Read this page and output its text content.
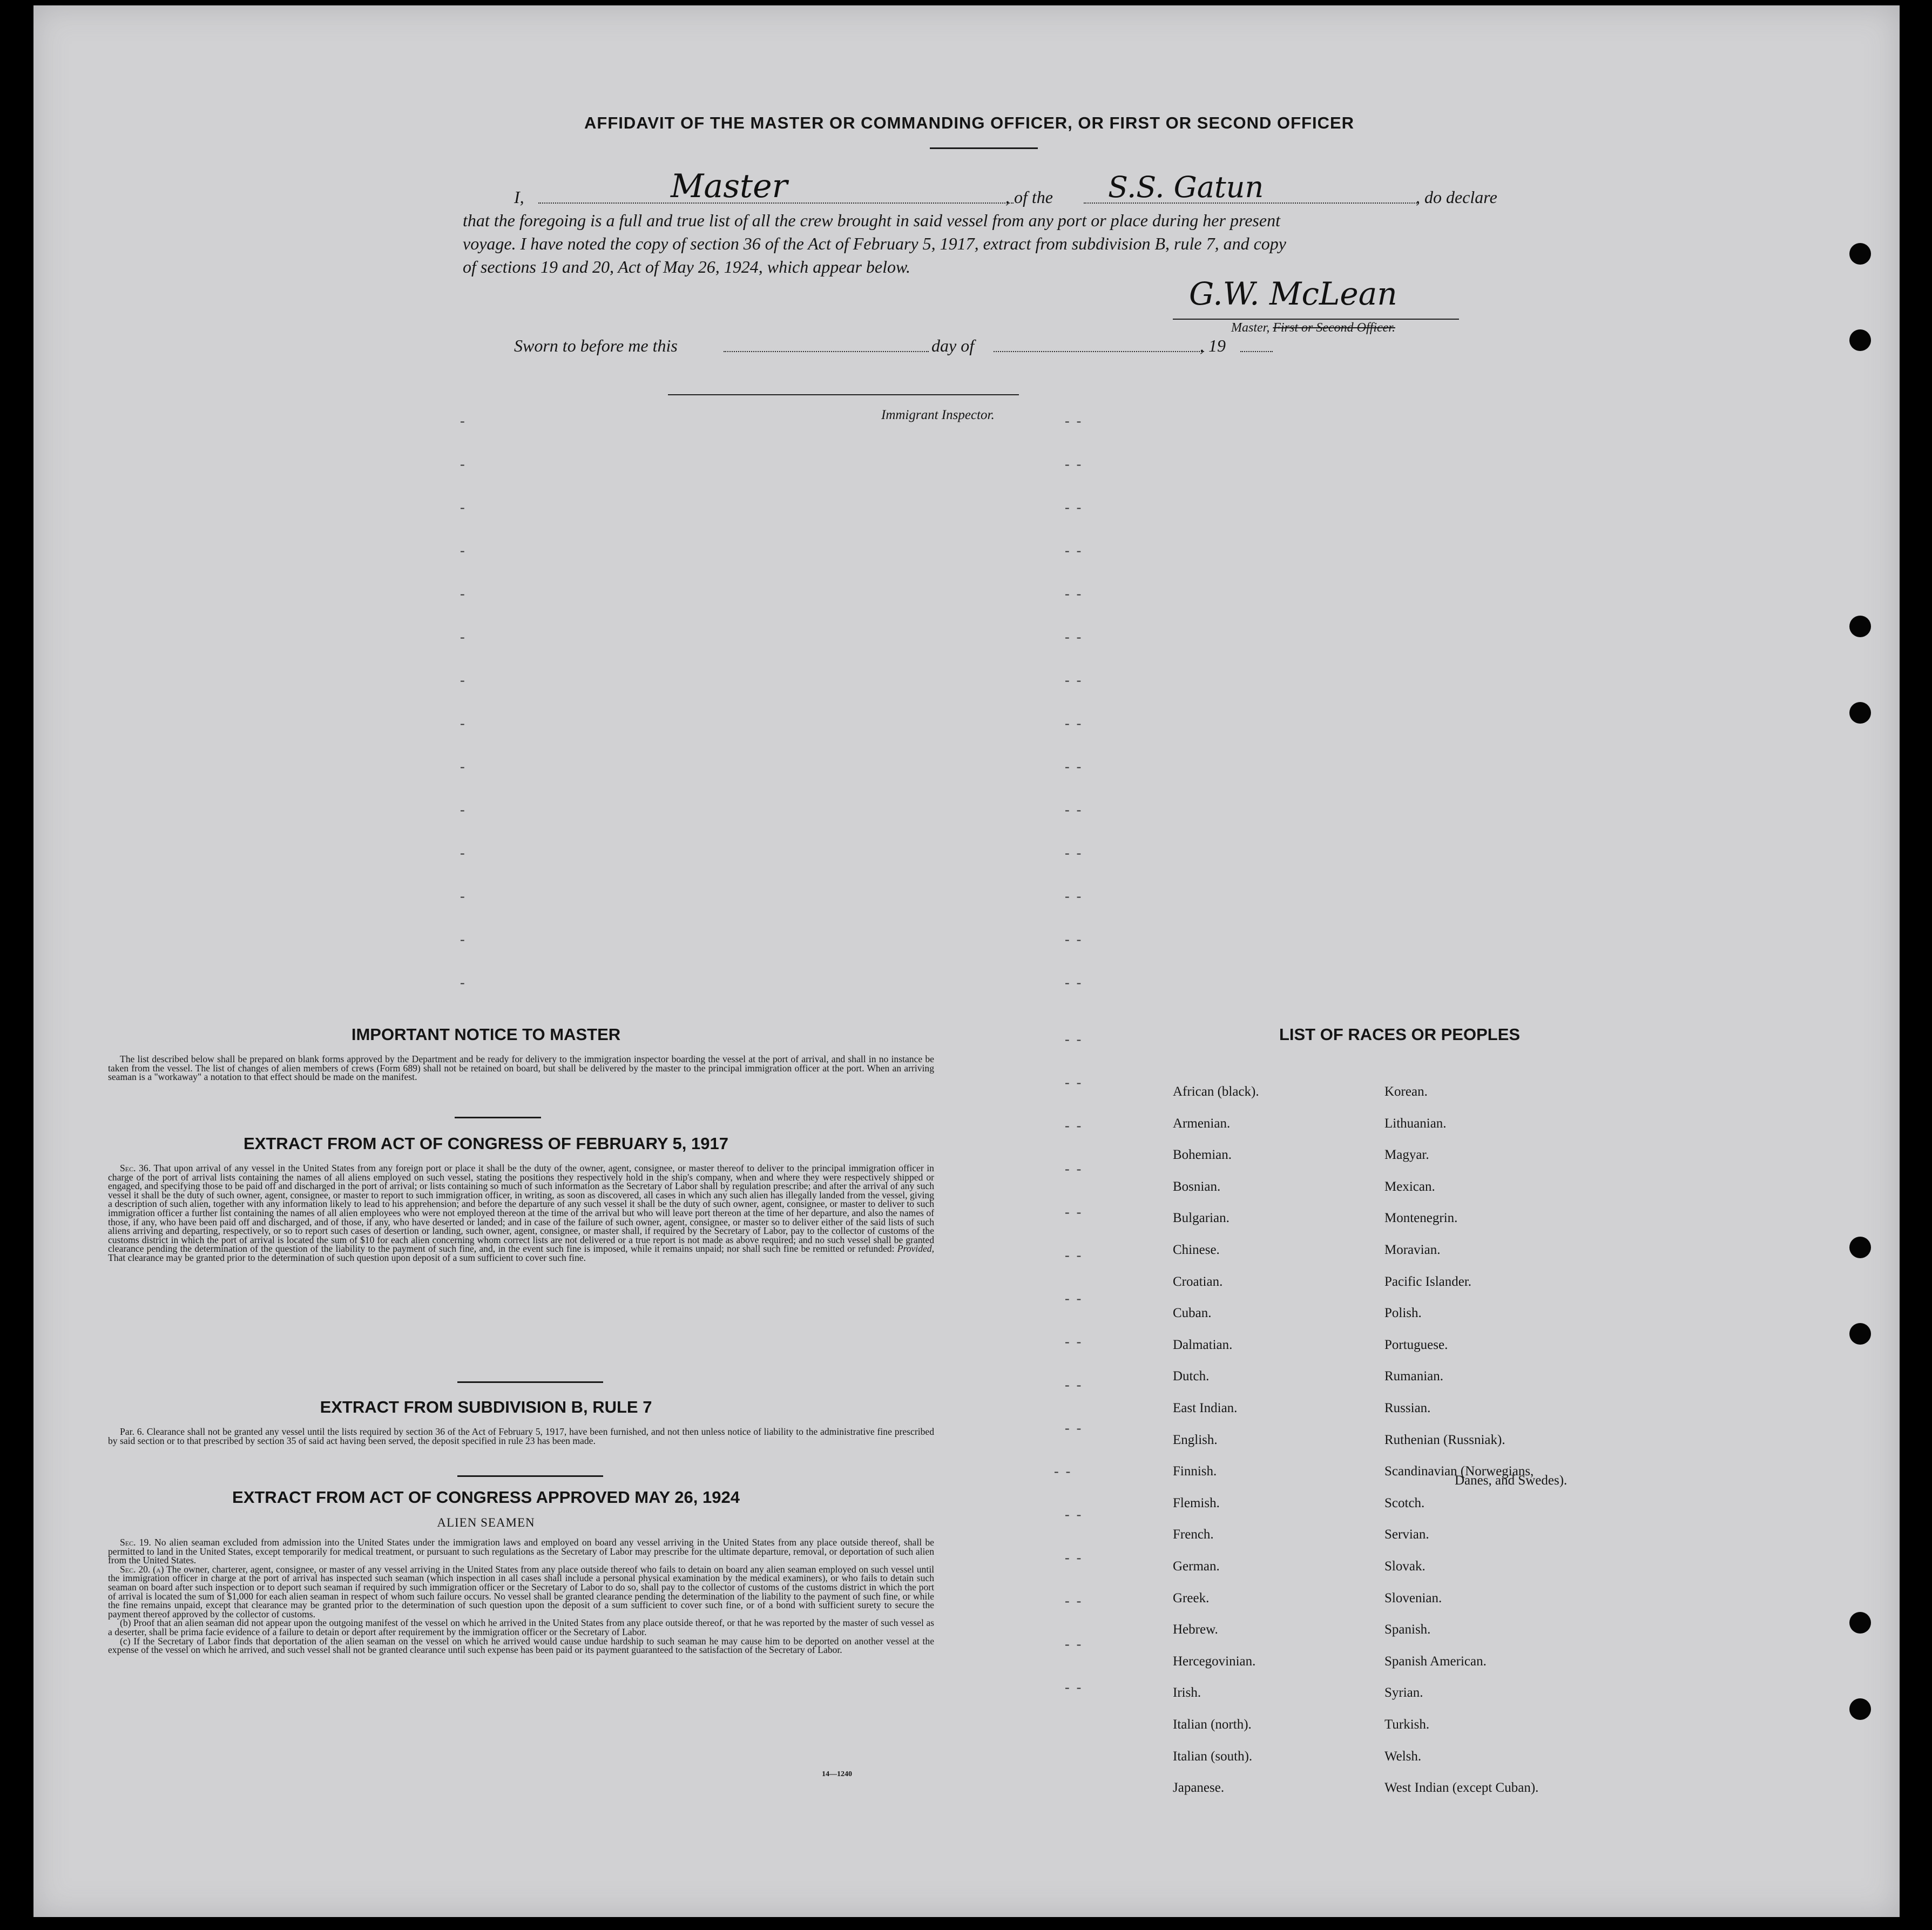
AFFIDAVIT OF THE MASTER OR COMMANDING OFFICER, OR FIRST OR SECOND OFFICER
I,	Master	, of the S.S. Gatun	, do declare
that the foregoing is a full and true list of all the crew brought in said vessel from any port or place during her present
voyage. I have noted the copy of section 36 of the Act of February 5, 1917, extract from subdivision B, rule 7, and copy
of sections 19 and 20, Act of May 26, 1924, which appear below.
G.W. McLean
Master, First or Second Officer.
Sworn to before me this	day of	, 19
Immigrant Inspector.
-	-  -
-	-  -
-	-  -
-	-  -
-	-  -
-	-  -
-	-  -
-	-  -
-	-  -
-	-  -
-	-  -
-	-  -
-	-  -
-	-  -
-  -
-  -
-  -
-  -
-  -
-  -
-  -
-  -
-  -
-  -
-  -
-  -
-  -
-  -
-  -
-  -
IMPORTANT NOTICE TO MASTER

The list described below shall be prepared on blank forms approved by the Department and be ready for delivery to the immigration inspector boarding the vessel at the port of arrival, and shall in no instance be taken from the vessel. The list of changes of alien members of crews (Form 689) shall not be retained on board, but shall be delivered by the master to the principal immigration officer at the port. When an arriving seaman is a "workaway" a notation to that effect should be made on the manifest.

EXTRACT FROM ACT OF CONGRESS OF FEBRUARY 5, 1917

Sec. 36. That upon arrival of any vessel in the United States from any foreign port or place it shall be the duty of the owner, agent, consignee, or master thereof to deliver to the principal immigration officer in charge of the port of arrival lists containing the names of all aliens employed on such vessel, stating the positions they respectively hold in the ship's company, when and where they were respectively shipped or engaged, and specifying those to be paid off and discharged in the port of arrival; or lists containing so much of such information as the Secretary of Labor shall by regulation prescribe; and after the arrival of any such vessel it shall be the duty of such owner, agent, consignee, or master to report to such immigration officer, in writing, as soon as discovered, all cases in which any such alien has illegally landed from the vessel, giving a description of such alien, together with any information likely to lead to his apprehension; and before the departure of any such vessel it shall be the duty of such owner, agent, consignee, or master to deliver to such immigration officer a further list containing the names of all alien employees who were not employed thereon at the time of the arrival but who will leave port thereon at the time of her departure, and also the names of those, if any, who have been paid off and discharged, and of those, if any, who have deserted or landed; and in case of the failure of such owner, agent, consignee, or master so to deliver either of the said lists of such aliens arriving and departing, respectively, or so to report such cases of desertion or landing, such owner, agent, consignee, or master shall, if required by the Secretary of Labor, pay to the collector of customs of the customs district in which the port of arrival is located the sum of $10 for each alien concerning whom correct lists are not delivered or a true report is not made as above required; and no such vessel shall be granted clearance pending the determination of the question of the liability to the payment of such fine, and, in the event such fine is imposed, while it remains unpaid; nor shall such fine be remitted or refunded: Provided, That clearance may be granted prior to the determination of such question upon deposit of a sum sufficient to cover such fine.

EXTRACT FROM SUBDIVISION B, RULE 7

Par. 6. Clearance shall not be granted any vessel until the lists required by section 36 of the Act of February 5, 1917, have been furnished, and not then unless notice of liability to the administrative fine prescribed by said section or to that prescribed by section 35 of said act having been served, the deposit specified in rule 23 has been made.

EXTRACT FROM ACT OF CONGRESS APPROVED MAY 26, 1924
ALIEN SEAMEN

Sec. 19. No alien seaman excluded from admission into the United States under the immigration laws and employed on board any vessel arriving in the United States from any place outside thereof, shall be permitted to land in the United States, except temporarily for medical treatment, or pursuant to such regulations as the Secretary of Labor may prescribe for the ultimate departure, removal, or deportation of such alien from the United States.

Sec. 20. (a) The owner, charterer, agent, consignee, or master of any vessel arriving in the United States from any place outside thereof who fails to detain on board any alien seaman employed on such vessel until the immigration officer in charge at the port of arrival has inspected such seaman (which inspection in all cases shall include a personal physical examination by the medical examiners), or who fails to detain such seaman on board after such inspection or to deport such seaman if required by such immigration officer or the Secretary of Labor to do so, shall pay to the collector of customs of the customs district in which the port of arrival is located the sum of $1,000 for each alien seaman in respect of whom such failure occurs. No vessel shall be granted clearance pending the determination of the liability to the payment of such fine, or while the fine remains unpaid, except that clearance may be granted prior to the determination of such question upon the deposit of a sum sufficient to cover such fine, or of a bond with sufficient surety to secure the payment thereof approved by the collector of customs.

(b) Proof that an alien seaman did not appear upon the outgoing manifest of the vessel on which he arrived in the United States from any place outside thereof, or that he was reported by the master of such vessel as a deserter, shall be prima facie evidence of a failure to detain or deport after requirement by the immigration officer or the Secretary of Labor.

(c) If the Secretary of Labor finds that deportation of the alien seaman on the vessel on which he arrived would cause undue hardship to such seaman he may cause him to be deported on another vessel at the expense of the vessel on which he arrived, and such vessel shall not be granted clearance until such expense has been paid or its payment guaranteed to the satisfaction of the Secretary of Labor.

14—1240
LIST OF RACES OR PEOPLES
Danes, and Swedes).
African (black).
Armenian.
Bohemian.
Bosnian.
Bulgarian.
Chinese.
Croatian.
Cuban.
Dalmatian.
Dutch.
East Indian.
English.
Finnish.
Flemish.
French.
German.
Greek.
Hebrew.
Hercegovinian.
Irish.
Italian (north).
Italian (south).
Japanese.
Korean.
Lithuanian.
Magyar.
Mexican.
Montenegrin.
Moravian.
Pacific Islander.
Polish.
Portuguese.
Rumanian.
Russian.
Ruthenian (Russniak).
Scandinavian (Norwegians,
Scotch.
Servian.
Slovak.
Slovenian.
Spanish.
Spanish American.
Syrian.
Turkish.
Welsh.
West Indian (except Cuban).
